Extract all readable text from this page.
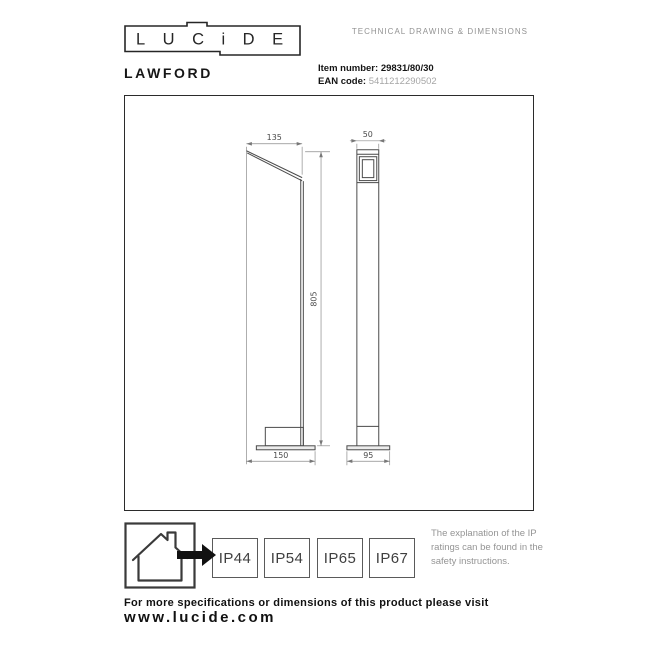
LUCiDE	TECHNICAL DRAWING & DIMENSIONS
LAWFORD	Item number: 29831/80/30
EAN code: 5411212290502
135
805
150
50
95
IP44	IP54	IP65	IP67
The explanation of the IP ratings can be found in the safety instructions.
For more specifications or dimensions of this product please visit
www.lucide.com
